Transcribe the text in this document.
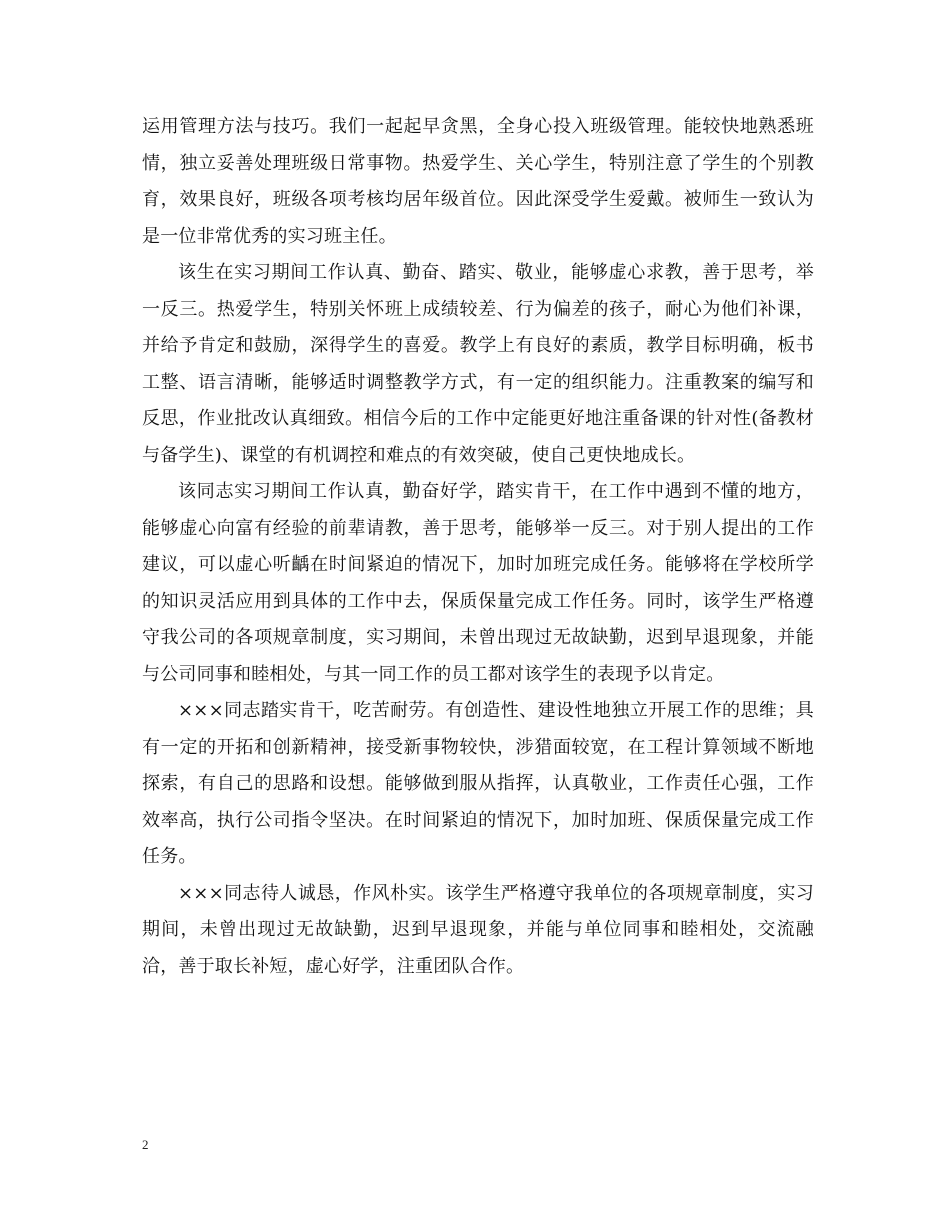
运用管理方法与技巧。我们一起起早贪黑，全身心投入班级管理。能较快地熟悉班情，独立妥善处理班级日常事物。热爱学生、关心学生，特别注意了学生的个别教育，效果良好，班级各项考核均居年级首位。因此深受学生爱戴。被师生一致认为是一位非常优秀的实习班主任。

该生在实习期间工作认真、勤奋、踏实、敬业，能够虚心求教，善于思考，举一反三。热爱学生，特别关怀班上成绩较差、行为偏差的孩子，耐心为他们补课，并给予肯定和鼓励，深得学生的喜爱。教学上有良好的素质，教学目标明确，板书工整、语言清晰，能够适时调整教学方式，有一定的组织能力。注重教案的编写和反思，作业批改认真细致。相信今后的工作中定能更好地注重备课的针对性(备教材与备学生)、课堂的有机调控和难点的有效突破，使自己更快地成长。

该同志实习期间工作认真，勤奋好学，踏实肯干，在工作中遇到不懂的地方，能够虚心向富有经验的前辈请教，善于思考，能够举一反三。对于别人提出的工作建议，可以虚心听齲在时间紧迫的情况下，加时加班完成任务。能够将在学校所学的知识灵活应用到具体的工作中去，保质保量完成工作任务。同时，该学生严格遵守我公司的各项规章制度，实习期间，未曾出现过无故缺勤，迟到早退现象，并能与公司同事和睦相处，与其一同工作的员工都对该学生的表现予以肯定。

×××同志踏实肯干，吃苦耐劳。有创造性、建设性地独立开展工作的思维；具有一定的开拓和创新精神，接受新事物较快，涉猎面较宽，在工程计算领域不断地探索，有自己的思路和设想。能够做到服从指挥，认真敬业，工作责任心强，工作效率高，执行公司指令坚决。在时间紧迫的情况下，加时加班、保质保量完成工作任务。

×××同志待人诚恳，作风朴实。该学生严格遵守我单位的各项规章制度，实习期间，未曾出现过无故缺勤，迟到早退现象，并能与单位同事和睦相处，交流融洽，善于取长补短，虚心好学，注重团队合作。

2
